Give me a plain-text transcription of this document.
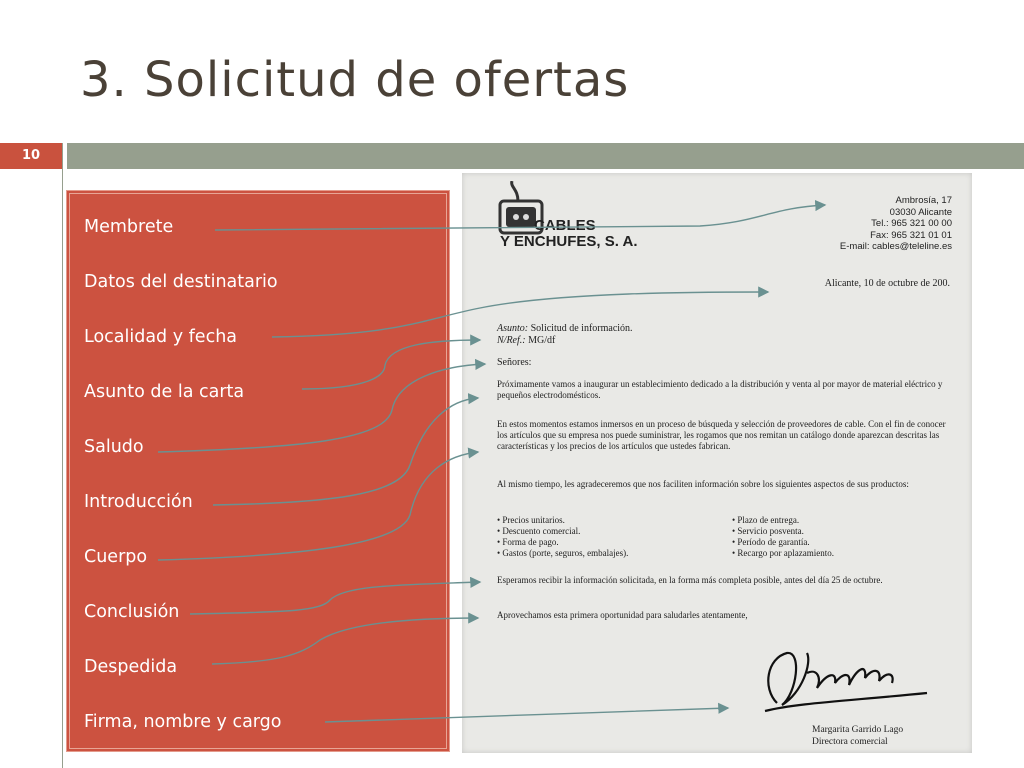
3. Solicitud de ofertas
10
Membrete
Datos del destinatario
Localidad y fecha
Asunto de la carta
Saludo
Introducción
Cuerpo
Conclusión
Despedida
Firma, nombre y cargo
CABLES
Y ENCHUFES, S. A.
Ambrosía, 17
03030 Alicante
Tel.: 965 321 00 00
Fax: 965 321 01 01
E-mail: cables@teleline.es
Alicante, 10 de octubre de 200.
Asunto: Solicitud de información.
N/Ref.: MG/df
Señores:
Próximamente vamos a inaugurar un establecimiento dedicado a la distribución y venta al por mayor de material eléctrico y pequeños electrodomésticos.
En estos momentos estamos inmersos en un proceso de búsqueda y selección de proveedores de cable. Con el fin de conocer los artículos que su empresa nos puede suministrar, les rogamos que nos remitan un catálogo donde aparezcan descritas las características y los precios de los artículos que ustedes fabrican.
Al mismo tiempo, les agradeceremos que nos faciliten información sobre los siguientes aspectos de sus productos:
• Precios unitarios.
• Descuento comercial.
• Forma de pago.
• Gastos (porte, seguros, embalajes).
• Plazo de entrega.
• Servicio posventa.
• Período de garantía.
• Recargo por aplazamiento.
Esperamos recibir la información solicitada, en la forma más completa posible, antes del día 25 de octubre.
Aprovechamos esta primera oportunidad para saludarles atentamente,
Margarita Garrido Lago
Directora comercial
